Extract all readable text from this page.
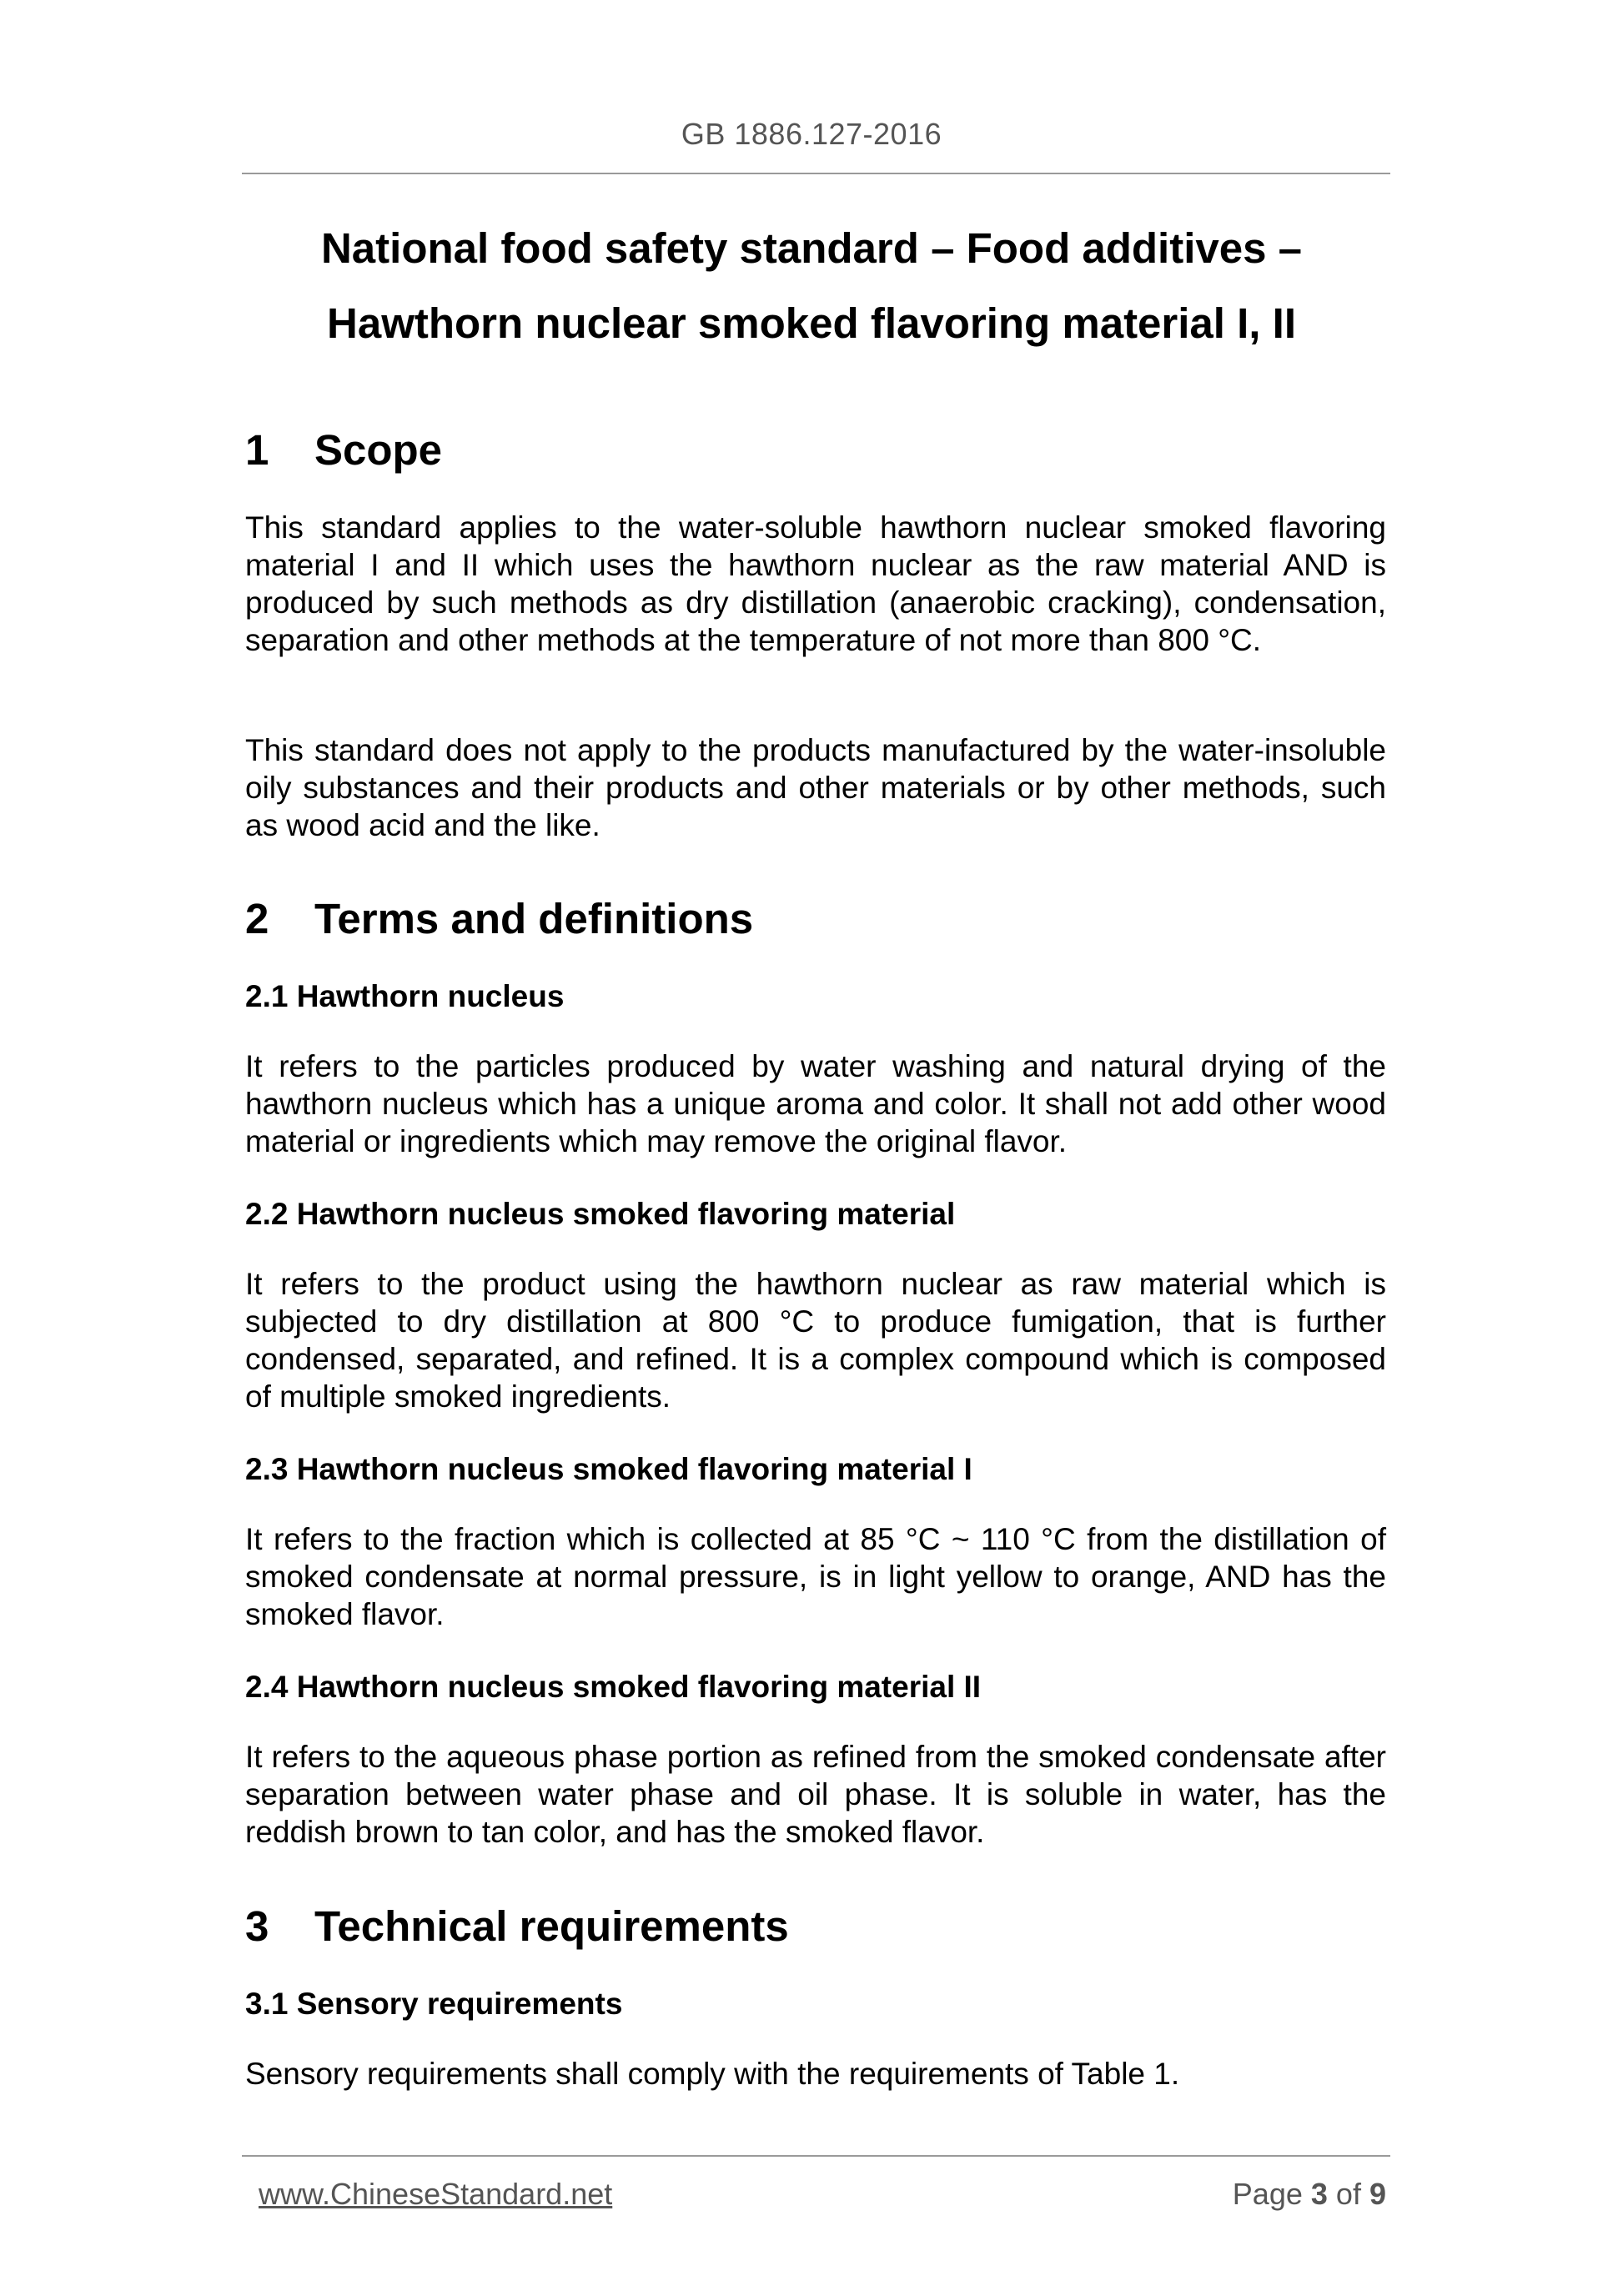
GB 1886.127-2016
National food safety standard – Food additives –
Hawthorn nuclear smoked flavoring material I, II
1 Scope
This standard applies to the water-soluble hawthorn nuclear smoked flavoring material I and II which uses the hawthorn nuclear as the raw material AND is produced by such methods as dry distillation (anaerobic cracking), condensation, separation and other methods at the temperature of not more than 800 °C.
This standard does not apply to the products manufactured by the water-insoluble oily substances and their products and other materials or by other methods, such as wood acid and the like.
2 Terms and definitions
2.1 Hawthorn nucleus
It refers to the particles produced by water washing and natural drying of the hawthorn nucleus which has a unique aroma and color. It shall not add other wood material or ingredients which may remove the original flavor.
2.2 Hawthorn nucleus smoked flavoring material
It refers to the product using the hawthorn nuclear as raw material which is subjected to dry distillation at 800 °C to produce fumigation, that is further condensed, separated, and refined. It is a complex compound which is composed of multiple smoked ingredients.
2.3 Hawthorn nucleus smoked flavoring material I
It refers to the fraction which is collected at 85 °C ~ 110 °C from the distillation of smoked condensate at normal pressure, is in light yellow to orange, AND has the smoked flavor.
2.4 Hawthorn nucleus smoked flavoring material II
It refers to the aqueous phase portion as refined from the smoked condensate after separation between water phase and oil phase. It is soluble in water, has the reddish brown to tan color, and has the smoked flavor.
3 Technical requirements
3.1 Sensory requirements
Sensory requirements shall comply with the requirements of Table 1.
www.ChineseStandard.net	Page 3 of 9
